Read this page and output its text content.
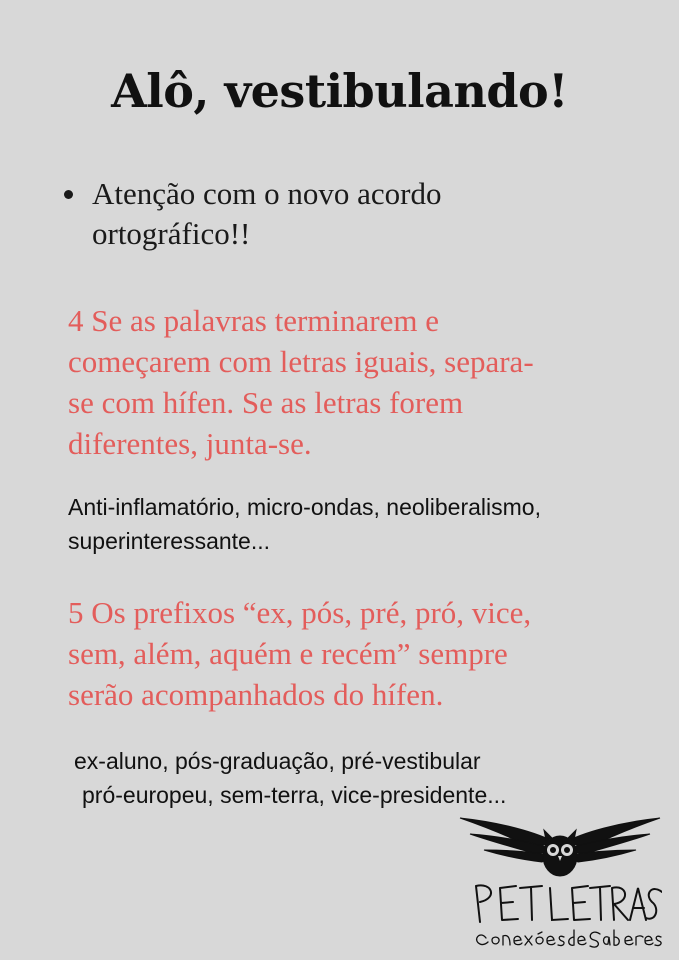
Alô, vestibulando!
Atenção com o novo acordo
ortográfico!!
4 Se as palavras terminarem e
começarem com letras iguais, separa-
se com hífen. Se as letras forem
diferentes, junta-se.
Anti-inflamatório, micro-ondas, neoliberalismo,
superinteressante...
5 Os prefixos “ex, pós, pré, pró, vice,
sem, além, aquém e recém” sempre
serão acompanhados do hífen.
ex-aluno, pós-graduação, pré-vestibular
pró-europeu, sem-terra, vice-presidente...
